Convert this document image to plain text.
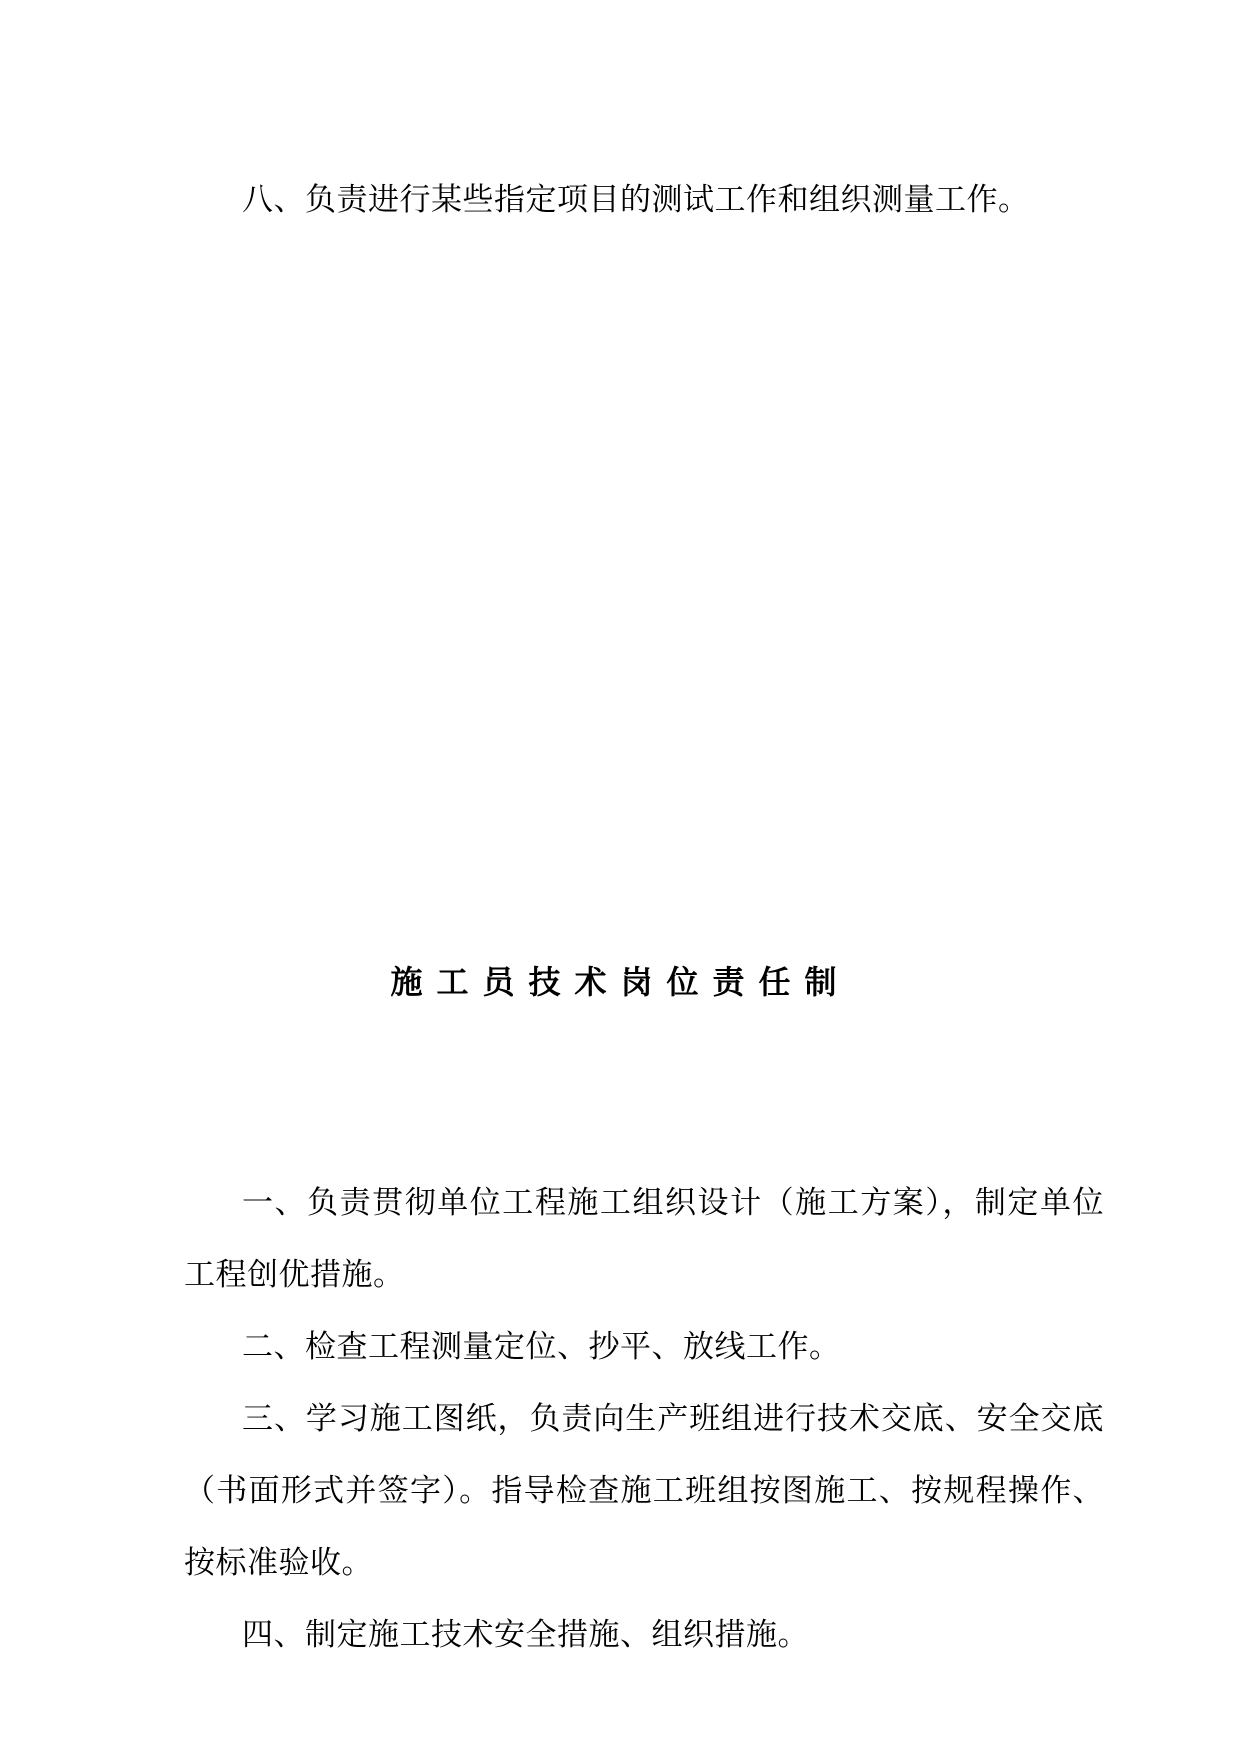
八、负责进行某些指定项目的测试工作和组织测量工作。

施工员技术岗位责任制

一、负责贯彻单位工程施工组织设计（施工方案），制定单位工程创优措施。

二、检查工程测量定位、抄平、放线工作。

三、学习施工图纸，负责向生产班组进行技术交底、安全交底（书面形式并签字）。指导检查施工班组按图施工、按规程操作、按标准验收。

四、制定施工技术安全措施、组织措施。
